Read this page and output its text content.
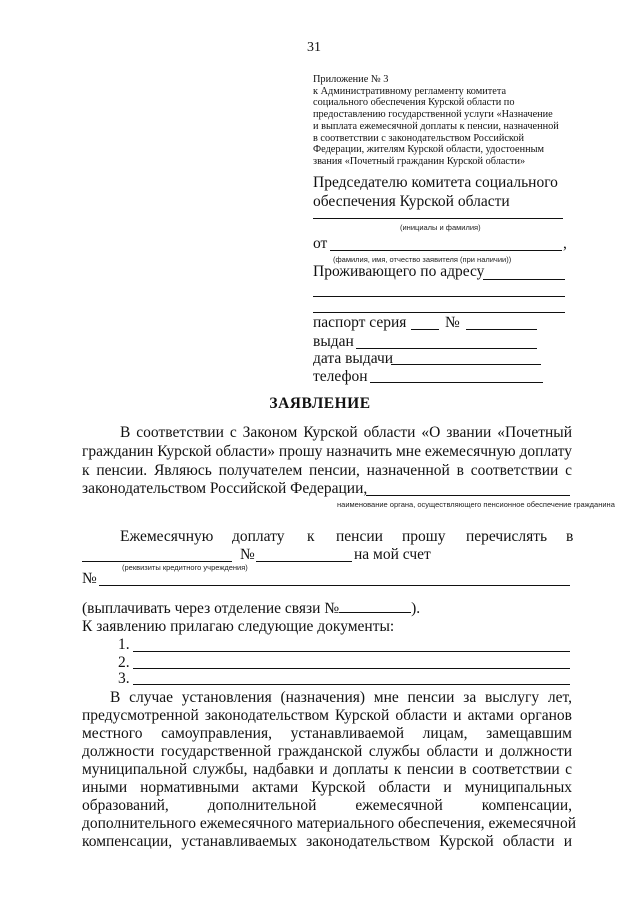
31
Приложение № 3
к Административному регламенту комитета
социального обеспечения Курской области по
предоставлению государственной услуги «Назначение
и выплата ежемесячной доплаты к пенсии, назначенной
в соответствии с законодательством Российской
Федерации, жителям Курской области, удостоенным
звания «Почетный гражданин Курской области»
Председателю комитета социального
обеспечения Курской области
(инициалы и фамилия)
от	,
(фамилия, имя, отчество заявителя (при наличии))
Проживающего по адресу
паспорт серия №
выдан
дата выдачи
телефон
ЗАЯВЛЕНИЕ
В соответствии с Законом Курской области «О звании «Почетный
гражданин Курской области» прошу назначить мне ежемесячную доплату
к пенсии. Являюсь получателем пенсии, назначенной в соответствии с
законодательством Российской Федерации,
наименование органа, осуществляющего пенсионное обеспечение гражданина
Ежемесячную доплату к пенсии прошу перечислять в
№	на мой счет
(реквизиты кредитного учреждения)
№
(выплачивать через отделение связи №	).
К заявлению прилагаю следующие документы:
1.
2.
3.
В случае установления (назначения) мне пенсии за выслугу лет,
предусмотренной законодательством Курской области и актами органов
местного самоуправления, устанавливаемой лицам, замещавшим
должности государственной гражданской службы области и должности
муниципальной службы, надбавки и доплаты к пенсии в соответствии с
иными нормативными актами Курской области и муниципальных
образований, дополнительной ежемесячной компенсации,
дополнительного ежемесячного материального обеспечения, ежемесячной
компенсации, устанавливаемых законодательством Курской области и
